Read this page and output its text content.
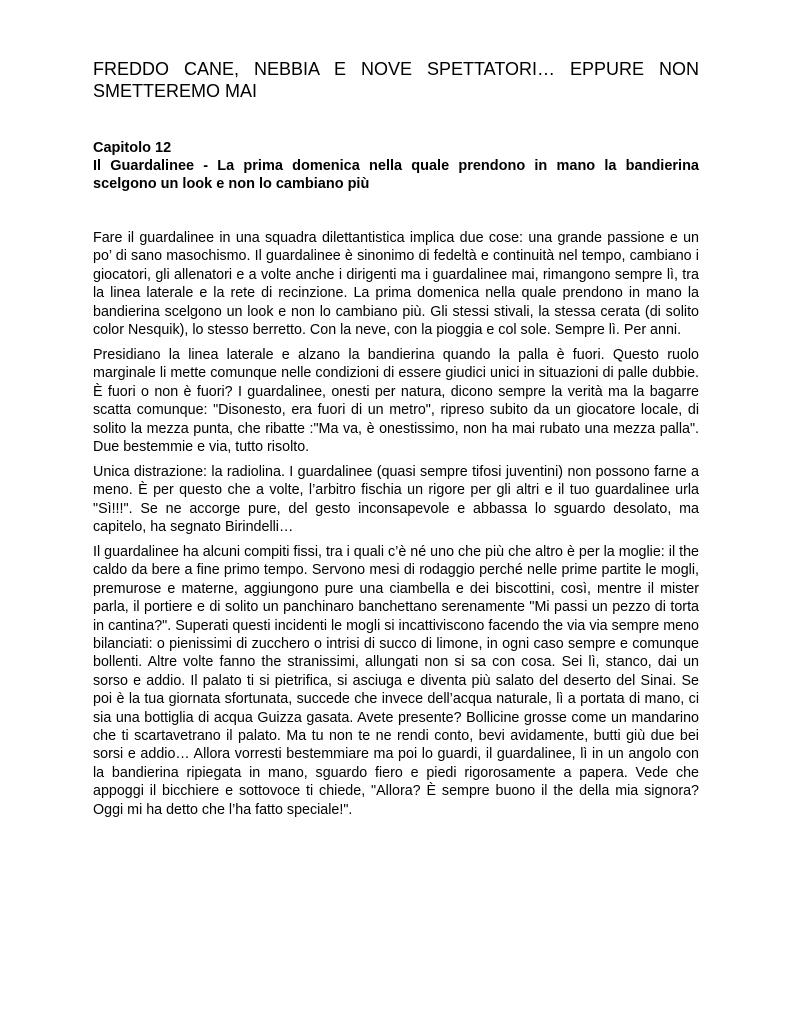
FREDDO CANE, NEBBIA E NOVE SPETTATORI… EPPURE NON SMETTEREMO MAI

Capitolo 12

Il Guardalinee - La prima domenica nella quale prendono in mano la bandierina scelgono un look e non lo cambiano più

Fare il guardalinee in una squadra dilettantistica implica due cose: una grande passione e un po’ di sano masochismo. Il guardalinee è sinonimo di fedeltà e continuità nel tempo, cambiano i giocatori, gli allenatori e a volte anche i dirigenti ma i guardalinee mai, rimangono sempre lì, tra la linea laterale e la rete di recinzione. La prima domenica nella quale prendono in mano la bandierina scelgono un look e non lo cambiano più. Gli stessi stivali, la stessa cerata (di solito color Nesquik), lo stesso berretto. Con la neve, con la pioggia e col sole. Sempre lì. Per anni.

Presidiano la linea laterale e alzano la bandierina quando la palla è fuori. Questo ruolo marginale li mette comunque nelle condizioni di essere giudici unici in situazioni di palle dubbie. È fuori o non è fuori? I guardalinee, onesti per natura, dicono sempre la verità ma la bagarre scatta comunque: "Disonesto, era fuori di un metro", ripreso subito da un giocatore locale, di solito la mezza punta, che ribatte :"Ma va, è onestissimo, non ha mai rubato una mezza palla". Due bestemmie e via, tutto risolto.

Unica distrazione: la radiolina. I guardalinee (quasi sempre tifosi juventini) non possono farne a meno. È per questo che a volte, l’arbitro fischia un rigore per gli altri e il tuo guardalinee urla "Sì!!!". Se ne accorge pure, del gesto inconsapevole e abbassa lo sguardo desolato, ma capitelo, ha segnato Birindelli…

Il guardalinee ha alcuni compiti fissi, tra i quali c’è né uno che più che altro è per la moglie: il the caldo da bere a fine primo tempo. Servono mesi di rodaggio perché nelle prime partite le mogli, premurose e materne, aggiungono pure una ciambella e dei biscottini, così, mentre il mister parla, il portiere e di solito un panchinaro banchettano serenamente "Mi passi un pezzo di torta in cantina?". Superati questi incidenti le mogli si incattiviscono facendo the via via sempre meno bilanciati: o pienissimi di zucchero o intrisi di succo di limone, in ogni caso sempre e comunque bollenti. Altre volte fanno the stranissimi, allungati non si sa con cosa. Sei lì, stanco, dai un sorso e addio. Il palato ti si pietrifica, si asciuga e diventa più salato del deserto del Sinai. Se poi è la tua giornata sfortunata, succede che invece dell’acqua naturale, lì a portata di mano, ci sia una bottiglia di acqua Guizza gasata. Avete presente? Bollicine grosse come un mandarino che ti scartavetrano il palato. Ma tu non te ne rendi conto, bevi avidamente, butti giù due bei sorsi e addio… Allora vorresti bestemmiare ma poi lo guardi, il guardalinee, lì in un angolo con la bandierina ripiegata in mano, sguardo fiero e piedi rigorosamente a papera. Vede che appoggi il bicchiere e sottovoce ti chiede, "Allora? È sempre buono il the della mia signora? Oggi mi ha detto che l’ha fatto speciale!".
